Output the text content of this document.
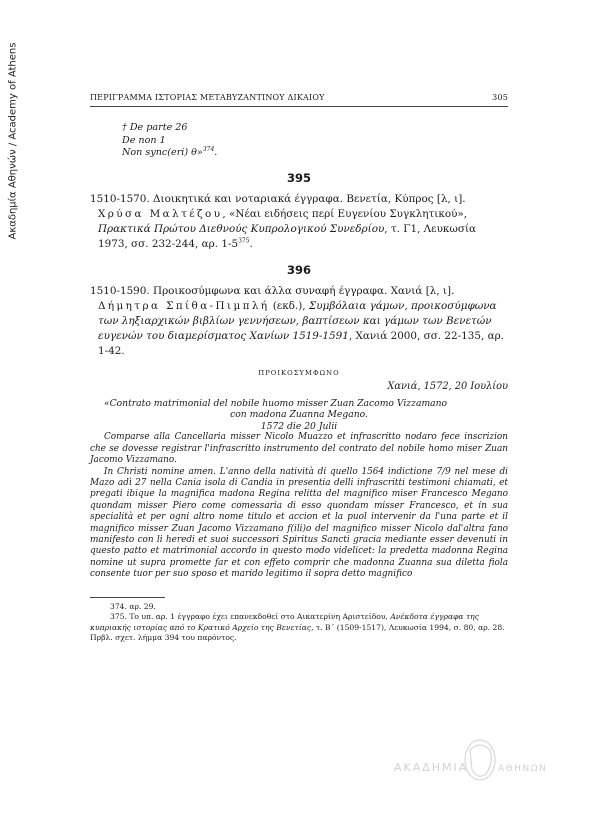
Ακαδημία Αθηνών / Academy of Athens	ΠΕΡΙΓΡΑΜΜΑ ΙΣΤΟΡΙΑΣ ΜΕΤΑΒΥΖΑΝΤΙΝΟΥ ΔΙΚΑΙΟΥ	305
† De parte 26
De non 1
Non sync(eri) θ»$^{374}$.
395

1510-1570. Διοικητικά και νοταριακά έγγραφα. Βενετία, Κύπρος [λ, ι].
Χρύσα Μαλτέζου, «Νέαι ειδήσεις περί Ευγενίου Συγκλητικού», Πρακτικά Πρώτου Διεθνούς Κυπρολογικού Συνεδρίου, τ. Γ1, Λευκωσία 1973, σσ. 232-244, αρ. $1-5^{375}$.

396

1510-1590. Προικοσύμφωνα και άλλα συναφή έγγραφα. Χανιά [λ, ι].
Δήμητρα Σπίθα-Πιμπλή (εκδ.), Συμβόλαια γάμων, προικοσύμφωνα των ληξιαρχικών βιβλίων γεννήσεων, βαπτίσεων και γάμων των Βενετών ευγενών του διαμερίσματος Χανίων 1519-1591, Χανιά 2000, σσ. 22-135, αρ. 1-42.

ΠΡΟΙΚΟΣΥΜΦΩΝΟ
Χανιά, 1572, 20 Ιουλίου
«Contrato matrimonial del nobile huomo misser Zuan Zacomo Vizzamano
con madona Zuanna Megano.
1572 die 20 Julii

Comparse alla Cancellaria misser Nicolo Muazzo et infrascritto nodaro fece inscrizion che se dovesse registrar l'infrascritto instrumento del contrato del nobile homo miser Zuan Jacomo Vizzamano.

In Christi nomine amen. L'anno della natività di quello 1564 indictione 7/9 nel mese di Mazo adì 27 nella Cania isola di Candia in presentia delli infrascritti testimoni chiamati, et pregati ibique la magnifica madona Regina relitta del magnifico miser Francesco Megano quondam misser Piero come comessaria di esso quondam misser Francesco, et in sua specialità et per ogni altro nome titulo et accion et la puol intervenir da l'una parte et il magnifico misser Zuan Jacomo Vizzamano f(ili)o del magnifico misser Nicolo dal'altra fano manifesto con li heredi et suoi successori Spiritus Sancti gracia mediante esser devenuti in questo patto et matrimonial accordo in questo modo videlicet: la predetta madonna Regina nomine ut supra promette far et con effeto comprir che madonna Zuanna sua diletta fiola consente tuor per suo sposo et marido legitimo il sopra detto magnifico

374. αρ. 29.

375. Το υπ. αρ. 1 έγγραφο έχει επανεκδοθεί στο Αικατερίνη Αριστείδου, Ανέκδοτα έγγραφα της κυπριακής ιστορίας από το Κρατικό Αρχείο της Βενετίας, τ. Β΄ (1509-1517), Λευκωσία 1994, σ. 80, αρ. 28. Πρβλ. σχετ. λήμμα 394 του παρόντος.

ΑΚΑΔΗΜΙΑ	ΑΘΗΝΩΝ
